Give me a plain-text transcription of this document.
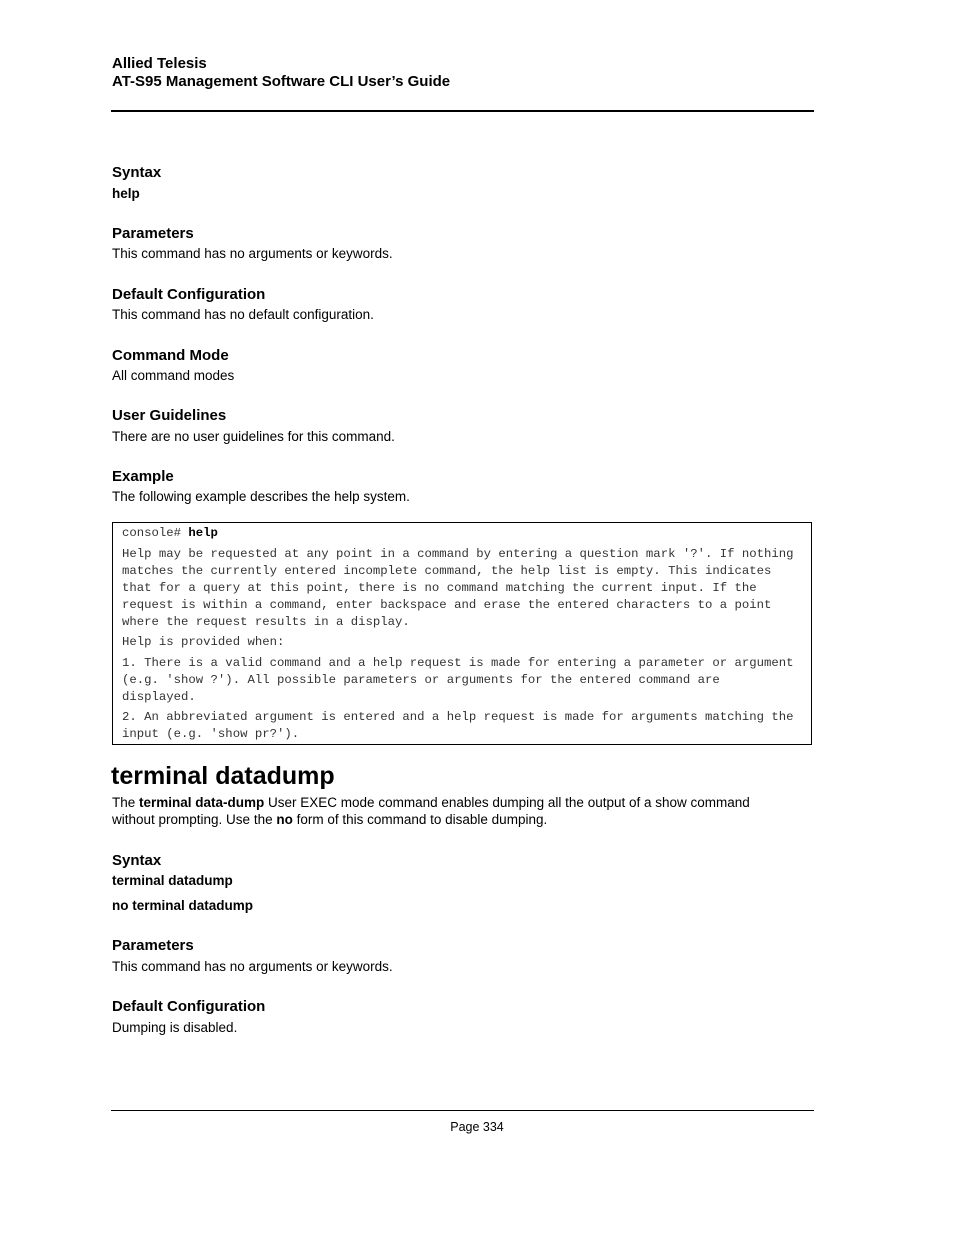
Allied Telesis
AT-S95 Management Software CLI User’s Guide
Syntax
help
Parameters
This command has no arguments or keywords.
Default Configuration
This command has no default configuration.
Command Mode
All command modes
User Guidelines
There are no user guidelines for this command.
Example
The following example describes the help system.
console# help
Help may be requested at any point in a command by entering a question mark '?'. If nothing
matches the currently entered incomplete command, the help list is empty. This indicates
that for a query at this point, there is no command matching the current input. If the
request is within a command, enter backspace and erase the entered characters to a point
where the request results in a display.
Help is provided when:
1. There is a valid command and a help request is made for entering a parameter or argument
(e.g. 'show ?'). All possible parameters or arguments for the entered command are
displayed.
2. An abbreviated argument is entered and a help request is made for arguments matching the
input (e.g. 'show pr?').
terminal datadump
The terminal data-dump User EXEC mode command enables dumping all the output of a show command
without prompting. Use the no form of this command to disable dumping.
Syntax
terminal datadump
no terminal datadump
Parameters
This command has no arguments or keywords.
Default Configuration
Dumping is disabled.
Page 334
